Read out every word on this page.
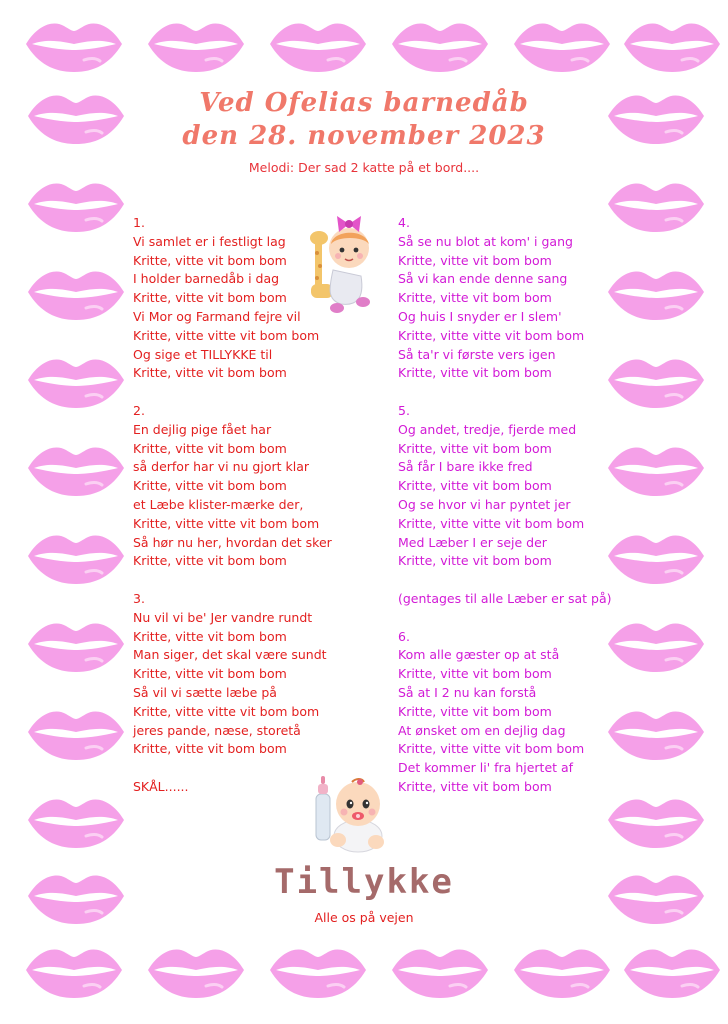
Ved Ofelias barnedåb
den 28. november 2023
Melodi: Der sad 2 katte på et bord....
1.
Vi samlet er i festligt lag
Kritte, vitte vit bom bom
I holder barnedåb i dag
Kritte, vitte vit bom bom
Vi Mor og Farmand fejre vil
Kritte, vitte vitte vit bom bom
Og sige et TILLYKKE til
Kritte, vitte vit bom bom
2.
En dejlig pige fået har
Kritte, vitte vit bom bom
så derfor har vi nu gjort klar
Kritte, vitte vit bom bom
et Læbe klister-mærke der,
Kritte, vitte vitte vit bom bom
Så hør nu her, hvordan det sker
Kritte, vitte vit bom bom
3.
Nu vil vi be' Jer vandre rundt
Kritte, vitte vit bom bom
Man siger, det skal være sundt
Kritte, vitte vit bom bom
Så vil vi sætte læbe på
Kritte, vitte vitte vit bom bom
jeres pande, næse, storetå
Kritte, vitte vit bom bom
SKÅL......
4.
Så se nu blot at kom' i gang
Kritte, vitte vit bom bom
Så vi kan ende denne sang
Kritte, vitte vit bom bom
Og huis I snyder er I slem'
Kritte, vitte vitte vit bom bom
Så ta'r vi første vers igen
Kritte, vitte vit bom bom
5.
Og andet, tredje, fjerde med
Kritte, vitte vit bom bom
Så får I bare ikke fred
Kritte, vitte vit bom bom
Og se hvor vi har pyntet jer
Kritte, vitte vitte vit bom bom
Med Læber I er seje der
Kritte, vitte vit bom bom
(gentages til alle Læber er sat på)
6.
Kom alle gæster op at stå
Kritte, vitte vit bom bom
Så at I 2 nu kan forstå
Kritte, vitte vit bom bom
At ønsket om en dejlig dag
Kritte, vitte vitte vit bom bom
Det kommer li' fra hjertet af
Kritte, vitte vit bom bom
Tillykke
Alle os på vejen
